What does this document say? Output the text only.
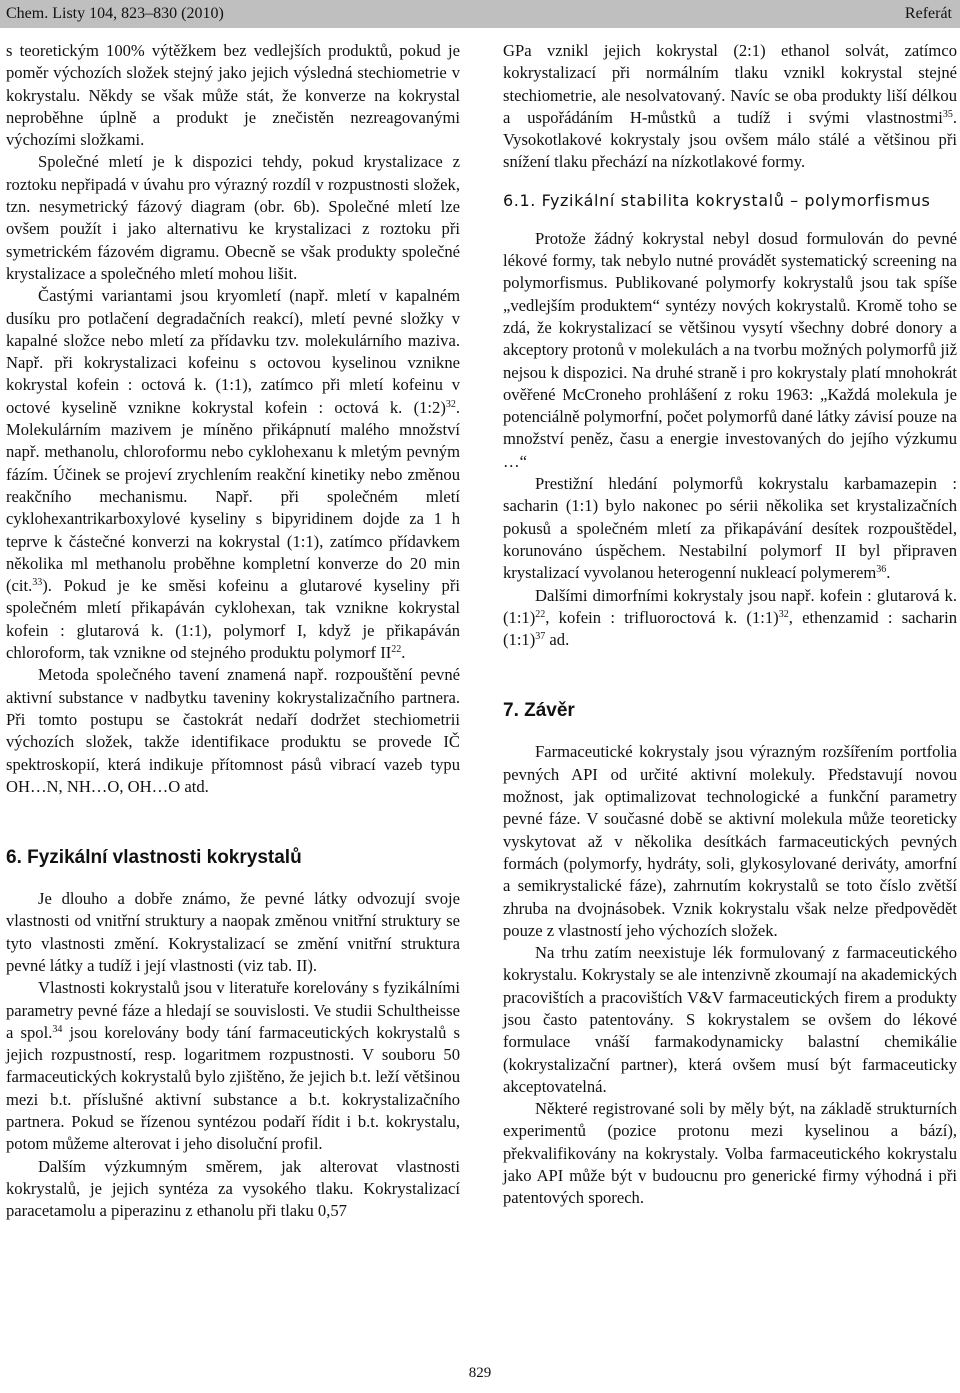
Chem. Listy 104, 823–830 (2010)	Referát

s teoretickým 100% výtěžkem bez vedlejších produktů, pokud je poměr výchozích složek stejný jako jejich výsledná stechiometrie v kokrystalu. Někdy se však může stát, že konverze na kokrystal neproběhne úplně a produkt je znečistěn nezreagovanými výchozími složkami.

Společné mletí je k dispozici tehdy, pokud krystalizace z roztoku nepřipadá v úvahu pro výrazný rozdíl v rozpustnosti složek, tzn. nesymetrický fázový diagram (obr. 6b). Společné mletí lze ovšem použít i jako alternativu ke krystalizaci z roztoku při symetrickém fázovém digramu. Obecně se však produkty společné krystalizace a společného mletí mohou lišit.

Častými variantami jsou kryomletí (např. mletí v kapalném dusíku pro potlačení degradačních reakcí), mletí pevné složky v kapalné složce nebo mletí za přídavku tzv. molekulárního maziva. Např. při kokrystalizaci kofeinu s octovou kyselinou vznikne kokrystal kofein : octová k. (1:1), zatímco při mletí kofeinu v octové kyselině vznikne kokrystal kofein : octová k. (1:2)$^{32}$. Molekulárním mazivem je míněno přikápnutí malého množství např. methanolu, chloroformu nebo cyklohexanu k mletým pevným fázím. Účinek se projeví zrychlením reakční kinetiky nebo změnou reakčního mechanismu. Např. při společném mletí cyklohexantrikarboxylové kyseliny s bipyridinem dojde za 1 h teprve k částečné konverzi na kokrystal (1:1), zatímco přídavkem několika ml methanolu proběhne kompletní konverze do 20 min (cit.$^{33}$). Pokud je ke směsi kofeinu a glutarové kyseliny při společném mletí přikapáván cyklohexan, tak vznikne kokrystal kofein : glutarová k. (1:1), polymorf I, když je přikapáván chloroform, tak vznikne od stejného produktu polymorf II$^{22}$.

Metoda společného tavení znamená např. rozpouštění pevné aktivní substance v nadbytku taveniny kokrystalizačního partnera. Při tomto postupu se častokrát nedaří dodržet stechiometrii výchozích složek, takže identifikace produktu se provede IČ spektroskopií, která indikuje přítomnost pásů vibrací vazeb typu OH…N, NH…O, OH…O atd.

6. Fyzikální vlastnosti kokrystalů

Je dlouho a dobře známo, že pevné látky odvozují svoje vlastnosti od vnitřní struktury a naopak změnou vnitřní struktury se tyto vlastnosti změní. Kokrystalizací se změní vnitřní struktura pevné látky a tudíž i její vlastnosti (viz tab. II).

Vlastnosti kokrystalů jsou v literatuře korelovány s fyzikálními parametry pevné fáze a hledají se souvislosti. Ve studii Schultheisse a spol.$^{34}$ jsou korelovány body tání farmaceutických kokrystalů s jejich rozpustností, resp. logaritmem rozpustnosti. V souboru 50 farmaceutických kokrystalů bylo zjištěno, že jejich b.t. leží většinou mezi b.t. příslušné aktivní substance a b.t. kokrystalizačního partnera. Pokud se řízenou syntézou podaří řídit i b.t. kokrystalu, potom můžeme alterovat i jeho disoluční profil.

Dalším výzkumným směrem, jak alterovat vlastnosti kokrystalů, je jejich syntéza za vysokého tlaku. Kokrystalizací paracetamolu a piperazinu z ethanolu při tlaku 0,57

GPa vznikl jejich kokrystal (2:1) ethanol solvát, zatímco kokrystalizací při normálním tlaku vznikl kokrystal stejné stechiometrie, ale nesolvatovaný. Navíc se oba produkty liší délkou a uspořádáním H-můstků a tudíž i svými vlastnostmi$^{35}$. Vysokotlakové kokrystaly jsou ovšem málo stálé a většinou při snížení tlaku přechází na nízkotlakové formy.

6.1. Fyzikální stabilita kokrystalů – polymorfismus

Protože žádný kokrystal nebyl dosud formulován do pevné lékové formy, tak nebylo nutné provádět systematický screening na polymorfismus. Publikované polymorfy kokrystalů jsou tak spíše „vedlejším produktem“ syntézy nových kokrystalů. Kromě toho se zdá, že kokrystalizací se většinou vysytí všechny dobré donory a akceptory protonů v molekulách a na tvorbu možných polymorfů již nejsou k dispozici. Na druhé straně i pro kokrystaly platí mnohokrát ověřené McCroneho prohlášení z roku 1963: „Každá molekula je potenciálně polymorfní, počet polymorfů dané látky závisí pouze na množství peněz, času a energie investovaných do jejího výzkumu …“

Prestižní hledání polymorfů kokrystalu karbamazepin : sacharin (1:1) bylo nakonec po sérii několika set krystalizačních pokusů a společném mletí za přikapávání desítek rozpouštědel, korunováno úspěchem. Nestabilní polymorf II byl připraven krystalizací vyvolanou heterogenní nukleací polymerem$^{36}$.

Dalšími dimorfními kokrystaly jsou např. kofein : glutarová k. (1:1)$^{22}$, kofein : trifluoroctová k. (1:1)$^{32}$, ethenzamid : sacharin (1:1)$^{37}$ ad.

7. Závěr

Farmaceutické kokrystaly jsou výrazným rozšířením portfolia pevných API od určité aktivní molekuly. Představují novou možnost, jak optimalizovat technologické a funkční parametry pevné fáze. V současné době se aktivní molekula může teoreticky vyskytovat až v několika desítkách farmaceutických pevných formách (polymorfy, hydráty, soli, glykosylované deriváty, amorfní a semikrystalické fáze), zahrnutím kokrystalů se toto číslo zvětší zhruba na dvojnásobek. Vznik kokrystalu však nelze předpovědět pouze z vlastností jeho výchozích složek.

Na trhu zatím neexistuje lék formulovaný z farmaceutického kokrystalu. Kokrystaly se ale intenzivně zkoumají na akademických pracovištích a pracovištích V&V farmaceutických firem a produkty jsou často patentovány. S kokrystalem se ovšem do lékové formulace vnáší farmakodynamicky balastní chemikálie (kokrystalizační partner), která ovšem musí být farmaceuticky akceptovatelná.

Některé registrované soli by měly být, na základě strukturních experimentů (pozice protonu mezi kyselinou a bází), překvalifikovány na kokrystaly. Volba farmaceutického kokrystalu jako API může být v budoucnu pro generické firmy výhodná i při patentových sporech.

829
